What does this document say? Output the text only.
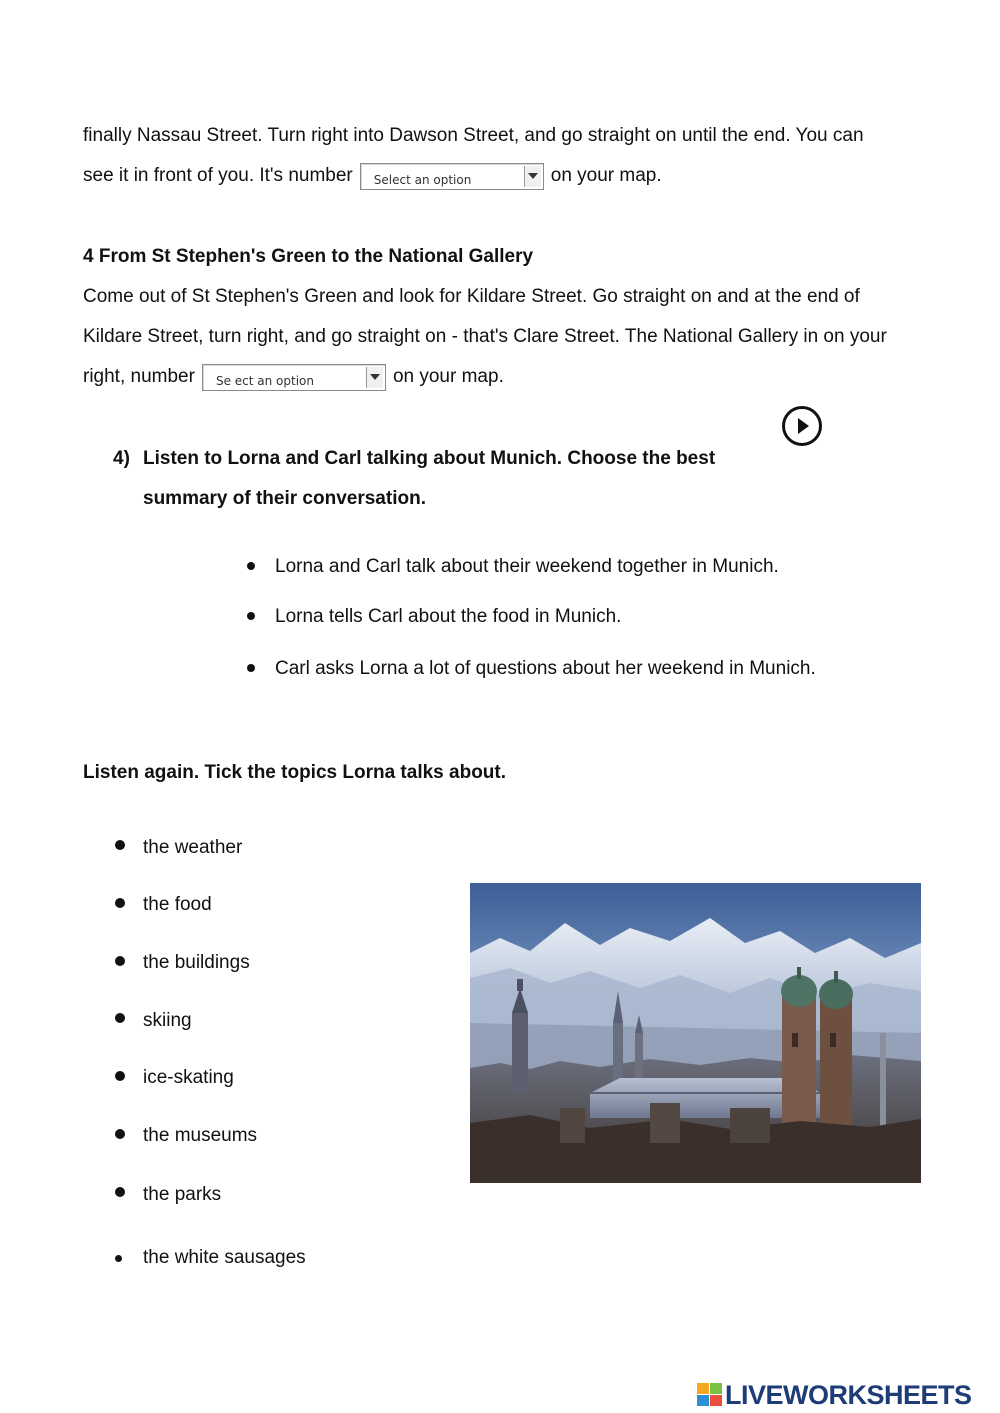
finally Nassau Street. Turn right into Dawson Street, and go straight on until the end. You can
see it in front of you. It's number Select an option	on your map.
4 From St Stephen's Green to the National Gallery
Come out of St Stephen's Green and look for Kildare Street. Go straight on and at the end of
Kildare Street, turn right, and go straight on - that's Clare Street. The National Gallery in on your
right, number Se ect an option	on your map.
4) Listen to Lorna and Carl talking about Munich. Choose the best
summary of their conversation.
Lorna and Carl talk about their weekend together in Munich.
Lorna tells Carl about the food in Munich.
Carl asks Lorna a lot of questions about her weekend in Munich.
Listen again. Tick the topics Lorna talks about.
the weather
the food
the buildings
skiing
ice-skating
the museums
the parks
the white sausages
LIVEWORKSHEETS
